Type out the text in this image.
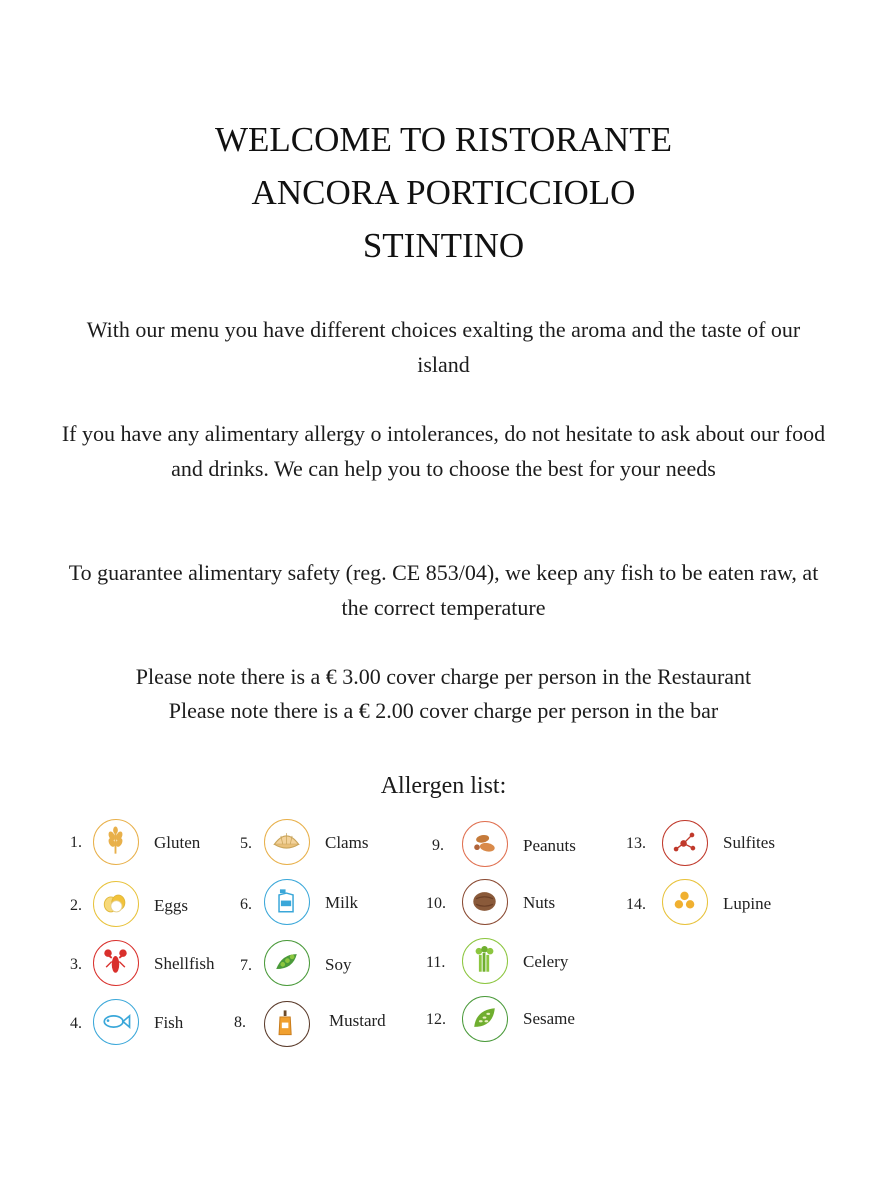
WELCOME TO RISTORANTE
ANCORA PORTICCIOLO
STINTINO
With our menu you have different choices exalting the aroma and the taste of our island
If you have any alimentary allergy o intolerances, do not hesitate to ask about our food and drinks. We can help you to choose the best for your needs
To guarantee alimentary safety (reg. CE 853/04), we keep any fish to be eaten raw, at the correct temperature
Please note there is a € 3.00 cover charge per person in the Restaurant
Please note there is a € 2.00 cover charge per person in the bar
Allergen list:
1.	Gluten
2.	Eggs
3.	Shellfish
4.	Fish
5.	Clams
6.	Milk
7.	Soy
8.	Mustard
9.	Peanuts
10.	Nuts
11.	Celery
12.	Sesame
13.	Sulfites
14.	Lupine
